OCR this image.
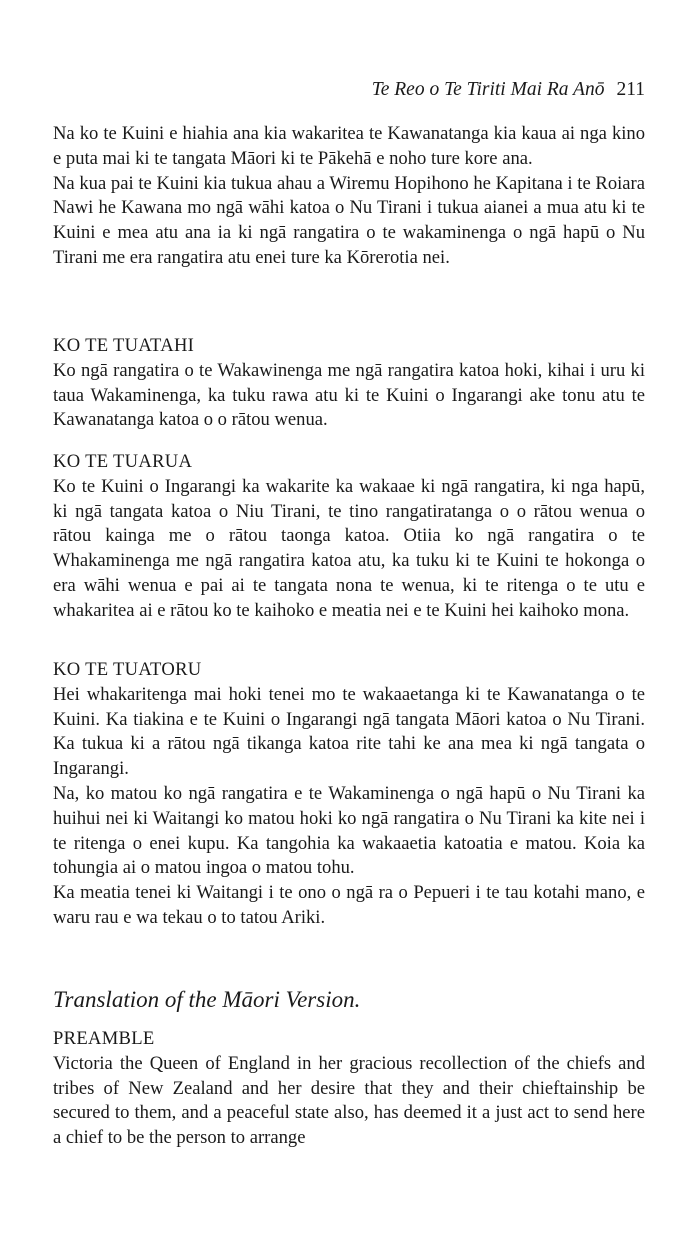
Te Reo o Te Tiriti Mai Ra Anō 211

Na ko te Kuini e hiahia ana kia wakaritea te Kawanatanga kia kaua ai nga kino e puta mai ki te tangata Māori ki te Pākehā e noho ture kore ana.

Na kua pai te Kuini kia tukua ahau a Wiremu Hopihono he Kapitana i te Roiara Nawi he Kawana mo ngā wāhi katoa o Nu Tirani i tukua aianei a mua atu ki te Kuini e mea atu ana ia ki ngā rangatira o te wakaminenga o ngā hapū o Nu Tirani me era rangatira atu enei ture ka Kōrerotia nei.

KO TE TUATAHI

Ko ngā rangatira o te Wakawinenga me ngā rangatira katoa hoki, kihai i uru ki taua Wakaminenga, ka tuku rawa atu ki te Kuini o Ingarangi ake tonu atu te Kawanatanga katoa o o rātou wenua.

KO TE TUARUA

Ko te Kuini o Ingarangi ka wakarite ka wakaae ki ngā rangatira, ki nga hapū, ki ngā tangata katoa o Niu Tirani, te tino rangatiratanga o o rātou wenua o rātou kainga me o rātou taonga katoa. Otiia ko ngā rangatira o te Whakaminenga me ngā rangatira katoa atu, ka tuku ki te Kuini te hokonga o era wāhi wenua e pai ai te tangata nona te wenua, ki te ritenga o te utu e whakaritea ai e rātou ko te kaihoko e meatia nei e te Kuini hei kaihoko mona.

KO TE TUATORU

Hei whakaritenga mai hoki tenei mo te wakaaetanga ki te Kawanatanga o te Kuini. Ka tiakina e te Kuini o Ingarangi ngā tangata Māori katoa o Nu Tirani. Ka tukua ki a rātou ngā tikanga katoa rite tahi ke ana mea ki ngā tangata o Ingarangi.

Na, ko matou ko ngā rangatira e te Wakaminenga o ngā hapū o Nu Tirani ka huihui nei ki Waitangi ko matou hoki ko ngā rangatira o Nu Tirani ka kite nei i te ritenga o enei kupu. Ka tangohia ka wakaaetia katoatia e matou. Koia ka tohungia ai o matou ingoa o matou tohu.

Ka meatia tenei ki Waitangi i te ono o ngā ra o Pepueri i te tau kotahi mano, e waru rau e wa tekau o to tatou Ariki.

Translation of the Māori Version.

PREAMBLE

Victoria the Queen of England in her gracious recollection of the chiefs and tribes of New Zealand and her desire that they and their chieftainship be secured to them, and a peaceful state also, has deemed it a just act to send here a chief to be the person to arrange
